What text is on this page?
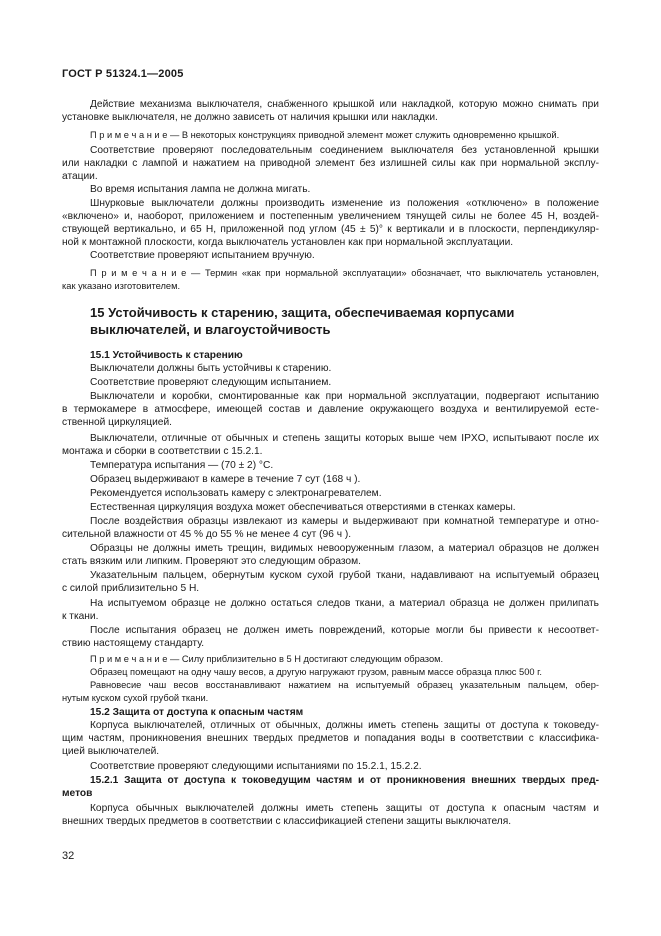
ГОСТ Р 51324.1—2005
Действие механизма выключателя, снабженного крышкой или накладкой, которую можно снимать при
установке выключателя, не должно зависеть от наличия крышки или накладки.
П р и м е ч а н и е — В некоторых конструкциях приводной элемент может служить одновременно крышкой.
Соответствие проверяют последовательным соединением выключателя без установленной крышки
или накладки с лампой и нажатием на приводной элемент без излишней силы как при нормальной эксплу-
атации.
Во время испытания лампа не должна мигать.
Шнурковые выключатели должны производить изменение из положения «отключено» в положение
«включено» и, наоборот, приложением и постепенным увеличением тянущей силы не более 45 Н, воздей-
ствующей вертикально, и 65 Н, приложенной под углом (45 ± 5)° к вертикали и в плоскости, перпендикуляр-
ной к монтажной плоскости, когда выключатель установлен как при нормальной эксплуатации.
Соответствие проверяют испытанием вручную.
П р и м е ч а н и е — Термин «как при нормальной эксплуатации» обозначает, что выключатель установлен,
как указано изготовителем.
15.1 Устойчивость к старению
Выключатели должны быть устойчивы к старению.
Соответствие проверяют следующим испытанием.
Выключатели и коробки, смонтированные как при нормальной эксплуатации, подвергают испытанию
в термокамере в атмосфере, имеющей состав и давление окружающего воздуха и вентилируемой есте-
ственной циркуляцией.
Выключатели, отличные от обычных и степень защиты которых выше чем IPXO, испытывают после их
монтажа и сборки в соответствии с 15.2.1.
Температура испытания — (70 ± 2) °С.
Образец выдерживают в камере в течение 7 сут (168 ч ).
Рекомендуется использовать камеру с электронагревателем.
Естественная циркуляция воздуха может обеспечиваться отверстиями в стенках камеры.
После воздействия образцы извлекают из камеры и выдерживают при комнатной температуре и отно-
сительной влажности от 45 % до 55 % не менее 4 сут (96 ч ).
Образцы не должны иметь трещин, видимых невооруженным глазом, а материал образцов не должен
стать вязким или липким. Проверяют это следующим образом.
Указательным пальцем, обернутым куском сухой грубой ткани, надавливают на испытуемый образец
с силой приблизительно 5 Н.
На испытуемом образце не должно остаться следов ткани, а материал образца не должен прилипать
к ткани.
После испытания образец не должен иметь повреждений, которые могли бы привести к несоответ-
ствию настоящему стандарту.
П р и м е ч а н и е — Силу приблизительно в 5 Н достигают следующим образом.
Образец помещают на одну чашу весов, а другую нагружают грузом, равным массе образца плюс 500 г.
Равновесие чаш весов восстанавливают нажатием на испытуемый образец указательным пальцем, обер-
нутым куском сухой грубой ткани.
15.2 Защита от доступа к опасным частям
Корпуса выключателей, отличных от обычных, должны иметь степень защиты от доступа к токоведу-
щим частям, проникновения внешних твердых предметов и попадания воды в соответствии с классифика-
цией выключателей.
Соответствие проверяют следующими испытаниями по 15.2.1, 15.2.2.
15.2.1 Защита от доступа к токоведущим частям и от проникновения внешних твердых пред-
метов
Корпуса обычных выключателей должны иметь степень защиты от доступа к опасным частям и
внешних твердых предметов в соответствии с классификацией степени защиты выключателя.
15 Устойчивость к старению, защита, обеспечиваемая корпусами
выключателей, и влагоустойчивость
32
